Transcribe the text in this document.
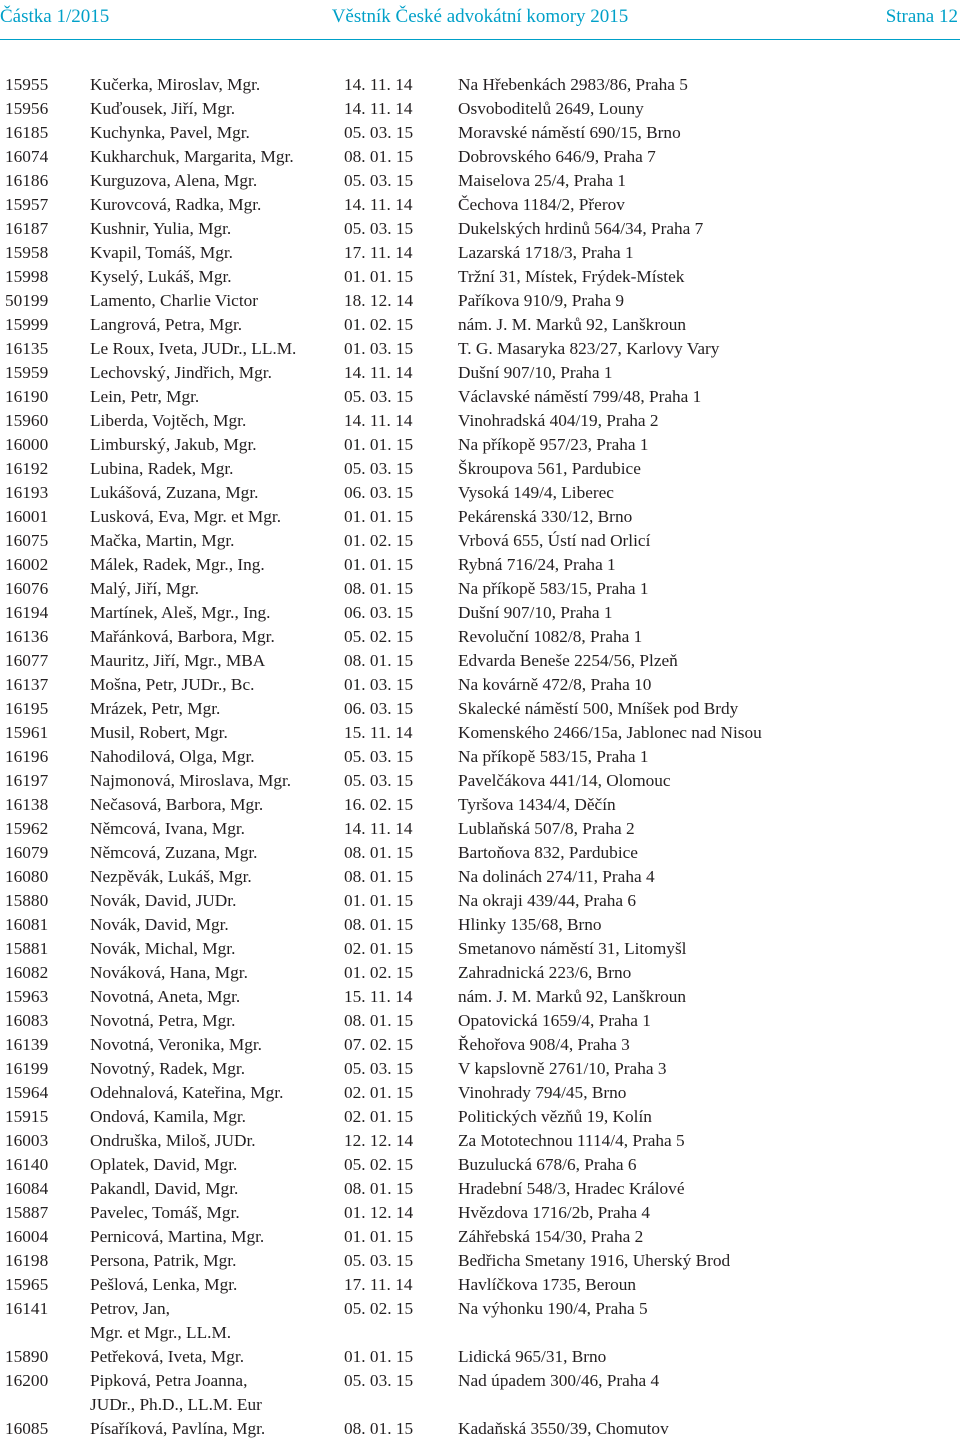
Částka 1/2015	Věstník České advokátní komory 2015	Strana 12
15955 Kučerka, Miroslav, Mgr.	14. 11. 14	Na Hřebenkách 2983/86, Praha 5
15956 Kuďousek, Jiří, Mgr.	14. 11. 14	Osvoboditelů 2649, Louny
16185 Kuchynka, Pavel, Mgr.	05. 03. 15	Moravské náměstí 690/15, Brno
16074 Kukharchuk, Margarita, Mgr.	08. 01. 15	Dobrovského 646/9, Praha 7
16186 Kurguzova, Alena, Mgr.	05. 03. 15	Maiselova 25/4, Praha 1
15957 Kurovcová, Radka, Mgr.	14. 11. 14	Čechova 1184/2, Přerov
16187 Kushnir, Yulia, Mgr.	05. 03. 15	Dukelských hrdinů 564/34, Praha 7
15958 Kvapil, Tomáš, Mgr.	17. 11. 14	Lazarská 1718/3, Praha 1
15998 Kyselý, Lukáš, Mgr.	01. 01. 15	Tržní 31, Místek, Frýdek-Místek
50199 Lamento, Charlie Victor	18. 12. 14	Paříkova 910/9, Praha 9
15999 Langrová, Petra, Mgr.	01. 02. 15	nám. J. M. Marků 92, Lanškroun
16135 Le Roux, Iveta, JUDr., LL.M.	01. 03. 15	T. G. Masaryka 823/27, Karlovy Vary
15959 Lechovský, Jindřich, Mgr.	14. 11. 14	Dušní 907/10, Praha 1
16190 Lein, Petr, Mgr.	05. 03. 15	Václavské náměstí 799/48, Praha 1
15960 Liberda, Vojtěch, Mgr.	14. 11. 14	Vinohradská 404/19, Praha 2
16000 Limburský, Jakub, Mgr.	01. 01. 15	Na příkopě 957/23, Praha 1
16192 Lubina, Radek, Mgr.	05. 03. 15	Škroupova 561, Pardubice
16193 Lukášová, Zuzana, Mgr.	06. 03. 15	Vysoká 149/4, Liberec
16001 Lusková, Eva, Mgr. et Mgr.	01. 01. 15	Pekárenská 330/12, Brno
16075 Mačka, Martin, Mgr.	01. 02. 15	Vrbová 655, Ústí nad Orlicí
16002 Málek, Radek, Mgr., Ing.	01. 01. 15	Rybná 716/24, Praha 1
16076 Malý, Jiří, Mgr.	08. 01. 15	Na příkopě 583/15, Praha 1
16194 Martínek, Aleš, Mgr., Ing.	06. 03. 15	Dušní 907/10, Praha 1
16136 Mařánková, Barbora, Mgr.	05. 02. 15	Revoluční 1082/8, Praha 1
16077 Mauritz, Jiří, Mgr., MBA	08. 01. 15	Edvarda Beneše 2254/56, Plzeň
16137 Mošna, Petr, JUDr., Bc.	01. 03. 15	Na kovárně 472/8, Praha 10
16195 Mrázek, Petr, Mgr.	06. 03. 15	Skalecké náměstí 500, Mníšek pod Brdy
15961 Musil, Robert, Mgr.	15. 11. 14	Komenského 2466/15a, Jablonec nad Nisou
16196 Nahodilová, Olga, Mgr.	05. 03. 15	Na příkopě 583/15, Praha 1
16197 Najmonová, Miroslava, Mgr.	05. 03. 15	Pavelčákova 441/14, Olomouc
16138 Nečasová, Barbora, Mgr.	16. 02. 15	Tyršova 1434/4, Děčín
15962 Němcová, Ivana, Mgr.	14. 11. 14	Lublaňská 507/8, Praha 2
16079 Němcová, Zuzana, Mgr.	08. 01. 15	Bartoňova 832, Pardubice
16080 Nezpěvák, Lukáš, Mgr.	08. 01. 15	Na dolinách 274/11, Praha 4
15880 Novák, David, JUDr.	01. 01. 15	Na okraji 439/44, Praha 6
16081 Novák, David, Mgr.	08. 01. 15	Hlinky 135/68, Brno
15881 Novák, Michal, Mgr.	02. 01. 15	Smetanovo náměstí 31, Litomyšl
16082 Nováková, Hana, Mgr.	01. 02. 15	Zahradnická 223/6, Brno
15963 Novotná, Aneta, Mgr.	15. 11. 14	nám. J. M. Marků 92, Lanškroun
16083 Novotná, Petra, Mgr.	08. 01. 15	Opatovická 1659/4, Praha 1
16139 Novotná, Veronika, Mgr.	07. 02. 15	Řehořova 908/4, Praha 3
16199 Novotný, Radek, Mgr.	05. 03. 15	V kapslovně 2761/10, Praha 3
15964 Odehnalová, Kateřina, Mgr.	02. 01. 15	Vinohrady 794/45, Brno
15915 Ondová, Kamila, Mgr.	02. 01. 15	Politických vězňů 19, Kolín
16003 Ondruška, Miloš, JUDr.	12. 12. 14	Za Mototechnou 1114/4, Praha 5
16140 Oplatek, David, Mgr.	05. 02. 15	Buzulucká 678/6, Praha 6
16084 Pakandl, David, Mgr.	08. 01. 15	Hradební 548/3, Hradec Králové
15887 Pavelec, Tomáš, Mgr.	01. 12. 14	Hvězdova 1716/2b, Praha 4
16004 Pernicová, Martina, Mgr.	01. 01. 15	Záhřebská 154/30, Praha 2
16198 Persona, Patrik, Mgr.	05. 03. 15	Bedřicha Smetany 1916, Uherský Brod
15965 Pešlová, Lenka, Mgr.	17. 11. 14	Havlíčkova 1735, Beroun
16141 Petrov, Jan,	05. 02. 15	Na výhonku 190/4, Praha 5
Mgr. et Mgr., LL.M.
15890 Petřeková, Iveta, Mgr.	01. 01. 15	Lidická 965/31, Brno
16200 Pipková, Petra Joanna,	05. 03. 15	Nad úpadem 300/46, Praha 4
JUDr., Ph.D., LL.M. Eur
16085 Písaříková, Pavlína, Mgr.	08. 01. 15	Kadaňská 3550/39, Chomutov
